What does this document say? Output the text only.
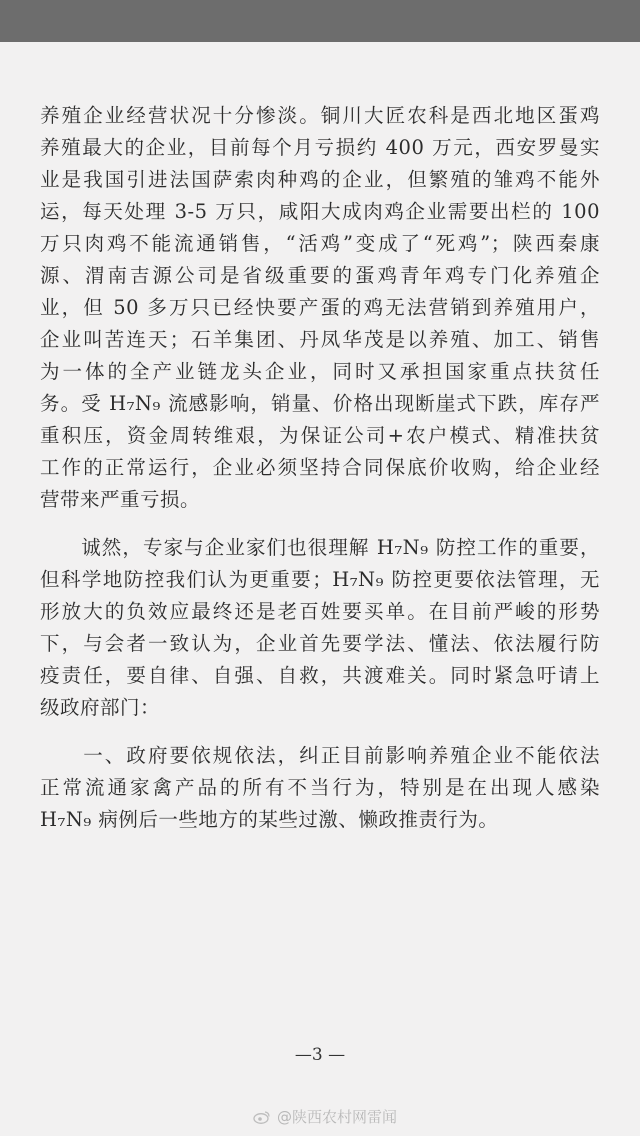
养殖企业经营状况十分惨淡。铜川大匠农科是西北地区蛋鸡
养殖最大的企业，目前每个月亏损约 400 万元，西安罗曼实
业是我国引进法国萨索肉种鸡的企业，但繁殖的雏鸡不能外
运，每天处理 3-5 万只，咸阳大成肉鸡企业需要出栏的 100
万只肉鸡不能流通销售，“活鸡”变成了“死鸡”；陕西秦康
源、渭南吉源公司是省级重要的蛋鸡青年鸡专门化养殖企
业，但 50 多万只已经快要产蛋的鸡无法营销到养殖用户，
企业叫苦连天；石羊集团、丹凤华茂是以养殖、加工、销售
为一体的全产业链龙头企业，同时又承担国家重点扶贫任
务。受 H₇N₉ 流感影响，销量、价格出现断崖式下跌，库存严
重积压，资金周转维艰，为保证公司+农户模式、精准扶贫
工作的正常运行，企业必须坚持合同保底价收购，给企业经
营带来严重亏损。
　　诚然，专家与企业家们也很理解 H₇N₉ 防控工作的重要，
但科学地防控我们认为更重要；H₇N₉ 防控更要依法管理，无
形放大的负效应最终还是老百姓要买单。在目前严峻的形势
下，与会者一致认为，企业首先要学法、懂法、依法履行防
疫责任，要自律、自强、自救，共渡难关。同时紧急吁请上
级政府部门：
　　一、政府要依规依法，纠正目前影响养殖企业不能依法
正常流通家禽产品的所有不当行为，特别是在出现人感染
H₇N₉ 病例后一些地方的某些过激、懒政推责行为。
—3 —
@陕西农村网雷闻
